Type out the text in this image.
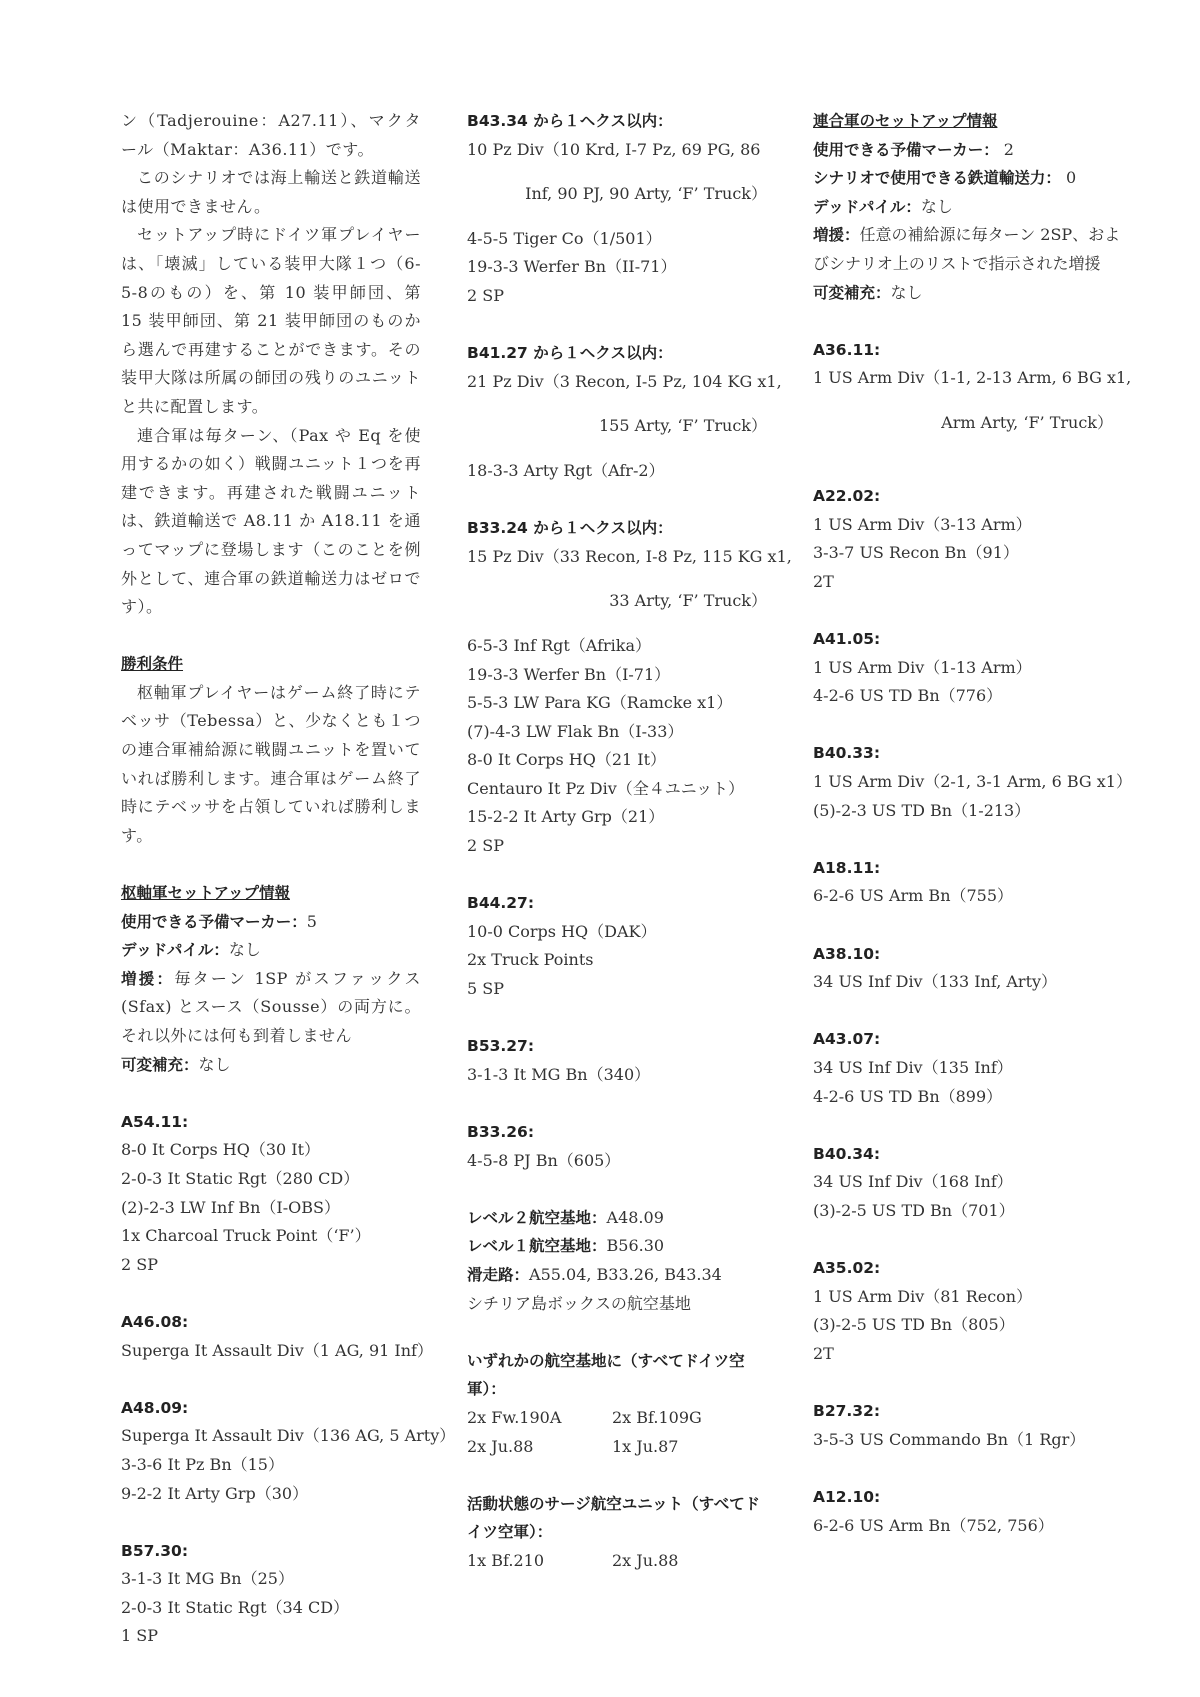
ン（Tadjerouine：A27.11）、マクタール（Maktar：A36.11）です。

このシナリオでは海上輸送と鉄道輸送は使用できません。

セットアップ時にドイツ軍プレイヤーは、「壊滅」している装甲大隊１つ（6-5-8のもの）を、第 10 装甲師団、第 15 装甲師団、第 21 装甲師団のものから選んで再建することができます。その装甲大隊は所属の師団の残りのユニットと共に配置します。

連合軍は毎ターン、（Pax や Eq を使用するかの如く）戦闘ユニット１つを再建できます。再建された戦闘ユニットは、鉄道輸送で A8.11 か A18.11 を通ってマップに登場します（このことを例外として、連合軍の鉄道輸送力はゼロです）。

勝利条件

枢軸軍プレイヤーはゲーム終了時にテベッサ（Tebessa）と、少なくとも１つの連合軍補給源に戦闘ユニットを置いていれば勝利します。連合軍はゲーム終了時にテベッサを占領していれば勝利します。

枢軸軍セットアップ情報

使用できる予備マーカー：5

デッドパイル：なし

増援：毎ターン 1SP がスファックス(Sfax) とスース（Sousse）の両方に。それ以外には何も到着しません

可変補充：なし

A54.11:

8-0 It Corps HQ（30 It）

2-0-3 It Static Rgt（280 CD）

(2)-2-3 LW Inf Bn（I-OBS）

1x Charcoal Truck Point（‘F’）

2 SP

A46.08:

Superga It Assault Div（1 AG, 91 Inf）

A48.09:

Superga It Assault Div（136 AG, 5 Arty）

3-3-6 It Pz Bn（15）

9-2-2 It Arty Grp（30）

B57.30:

3-1-3 It MG Bn（25）

2-0-3 It Static Rgt（34 CD）

1 SP

B43.34 から１ヘクス以内：

10 Pz Div（10 Krd, I-7 Pz, 69 PG, 86

Inf, 90 PJ, 90 Arty, ‘F’ Truck）

4-5-5 Tiger Co（1/501）

19-3-3 Werfer Bn（II-71）

2 SP

B41.27 から１ヘクス以内：

21 Pz Div（3 Recon, I-5 Pz, 104 KG x1,

155 Arty, ‘F’ Truck）

18-3-3 Arty Rgt（Afr-2）

B33.24 から１ヘクス以内：

15 Pz Div（33 Recon, I-8 Pz, 115 KG x1,

33 Arty, ‘F’ Truck）

6-5-3 Inf Rgt（Afrika）

19-3-3 Werfer Bn（I-71）

5-5-3 LW Para KG（Ramcke x1）

(7)-4-3 LW Flak Bn（I-33）

8-0 It Corps HQ（21 It）

Centauro It Pz Div（全４ユニット）

15-2-2 It Arty Grp（21）

2 SP

B44.27:

10-0 Corps HQ（DAK）

2x Truck Points

5 SP

B53.27:

3-1-3 It MG Bn（340）

B33.26:

4-5-8 PJ Bn（605）

レベル２航空基地：A48.09

レベル１航空基地：B56.30

滑走路：A55.04, B33.26, B43.34

シチリア島ボックスの航空基地

いずれかの航空基地に（すべてドイツ空

軍）：

2x Fw.190A	2x Bf.109G
2x Ju.88	1x Ju.87

活動状態のサージ航空ユニット（すべてド

イツ空軍）：

1x Bf.210	2x Ju.88

連合軍のセットアップ情報

使用できる予備マーカー： 2

シナリオで使用できる鉄道輸送力： 0

デッドパイル：なし

増援：任意の補給源に毎ターン 2SP、およ

びシナリオ上のリストで指示された増援

可変補充：なし

A36.11:

1 US Arm Div（1-1, 2-13 Arm, 6 BG x1,

Arm Arty, ‘F’ Truck）

A22.02:

1 US Arm Div（3-13 Arm）

3-3-7 US Recon Bn（91）

2T

A41.05:

1 US Arm Div（1-13 Arm）

4-2-6 US TD Bn（776）

B40.33:

1 US Arm Div（2-1, 3-1 Arm, 6 BG x1）

(5)-2-3 US TD Bn（1-213）

A18.11:

6-2-6 US Arm Bn（755）

A38.10:

34 US Inf Div（133 Inf, Arty）

A43.07:

34 US Inf Div（135 Inf）

4-2-6 US TD Bn（899）

B40.34:

34 US Inf Div（168 Inf）

(3)-2-5 US TD Bn（701）

A35.02:

1 US Arm Div（81 Recon）

(3)-2-5 US TD Bn（805）

2T

B27.32:

3-5-3 US Commando Bn（1 Rgr）

A12.10:

6-2-6 US Arm Bn（752, 756）
